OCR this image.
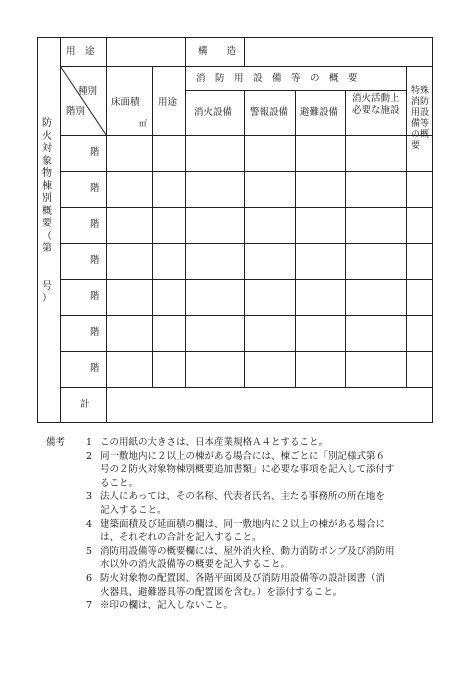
防
火
対
象
物
棟
別
概
要
（
第

号
）
用　途	構　　造
種別
階別
床面積
㎡
用途
消　防　用　設　備　等　の　概　要
消火設備 警報設備 避難設備
消火活動上必要な施設
特殊消防用設備等の概要
階
階
階
階
階
階
階
計
備考 1 この用紙の大きさは、日本産業規格Ａ４とすること。
2 同一敷地内に２以上の棟がある場合には、棟ごとに「別記様式第６
号の２防火対象物棟別概要追加書類」に必要な事項を記入して添付す
ること。
3 法人にあっては、その名称、代表者氏名、主たる事務所の所在地を
記入すること。
4 建築面積及び延面積の欄は、同一敷地内に２以上の棟がある場合に
は、それぞれの合計を記入すること。
5 消防用設備等の概要欄には、屋外消火栓、動力消防ポンプ及び消防用
水以外の消火設備等の概要を記入すること。
6 防火対象物の配置図、各階平面図及び消防用設備等の設計図書（消
火器具、避難器具等の配置図を含む。）を添付すること。
7 ※印の欄は、記入しないこと。
